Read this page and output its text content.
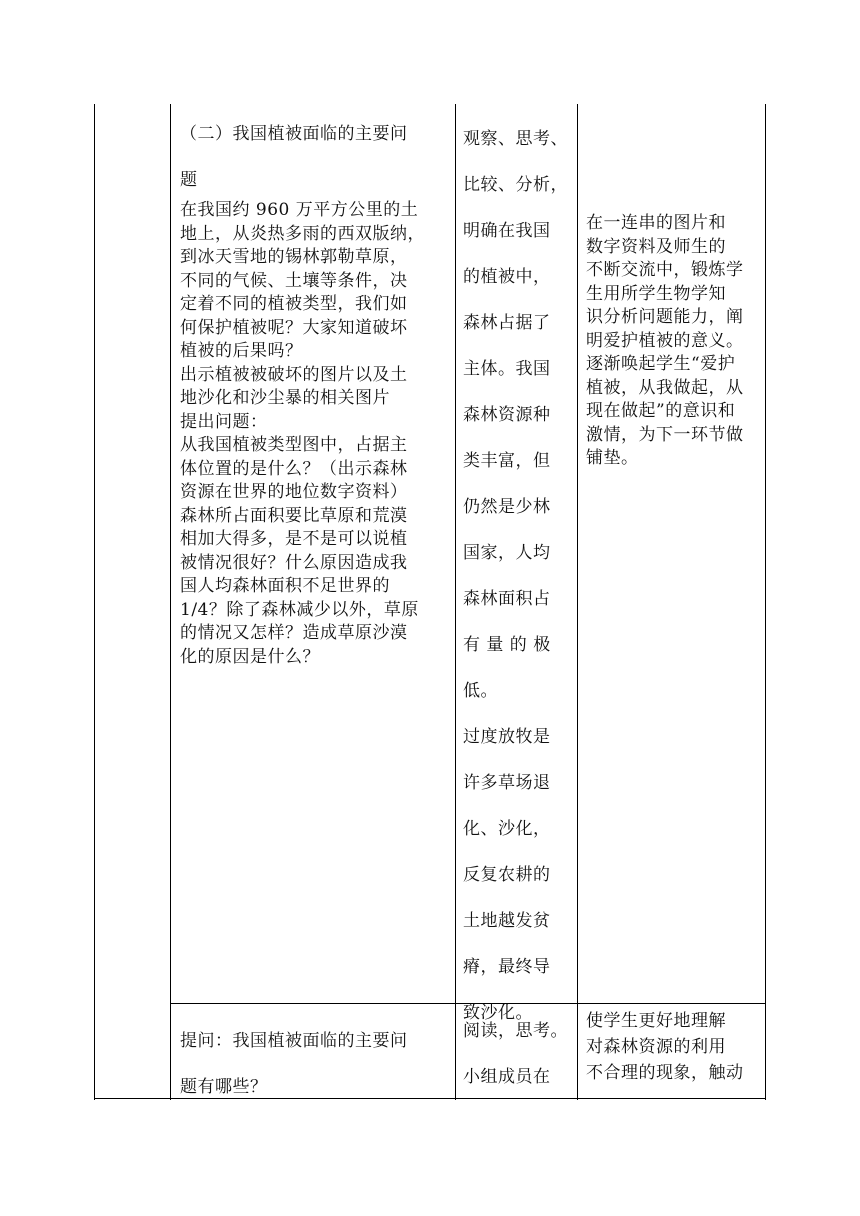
（二）我国植被面临的主要问

题

在我国约 960 万平方公里的土

地上，从炎热多雨的西双版纳，

到冰天雪地的锡林郭勒草原，

不同的气候、土壤等条件，决

定着不同的植被类型，我们如

何保护植被呢？大家知道破坏

植被的后果吗？

出示植被被破坏的图片以及土

地沙化和沙尘暴的相关图片

提出问题：

从我国植被类型图中，占据主

体位置的是什么？（出示森林

资源在世界的地位数字资料）

森林所占面积要比草原和荒漠

相加大得多，是不是可以说植

被情况很好？什么原因造成我

国人均森林面积不足世界的

1/4？除了森林减少以外，草原

的情况又怎样？造成草原沙漠

化的原因是什么？

观察、思考、

比较、分析，

明确在我国

的植被中，

森林占据了

主体。我国

森林资源种

类丰富，但

仍然是少林

国家，人均

森林面积占

有 量 的 极

低。

过度放牧是

许多草场退

化、沙化，

反复农耕的

土地越发贫

瘠，最终导

致沙化。

在一连串的图片和

数字资料及师生的

不断交流中，锻炼学

生用所学生物学知

识分析问题能力，阐

明爱护植被的意义。

逐渐唤起学生“爱护

植被，从我做起，从

现在做起”的意识和

激情，为下一环节做

铺垫。

提问：我国植被面临的主要问

题有哪些？

阅读，思考。

小组成员在

使学生更好地理解

对森林资源的利用

不合理的现象，触动
